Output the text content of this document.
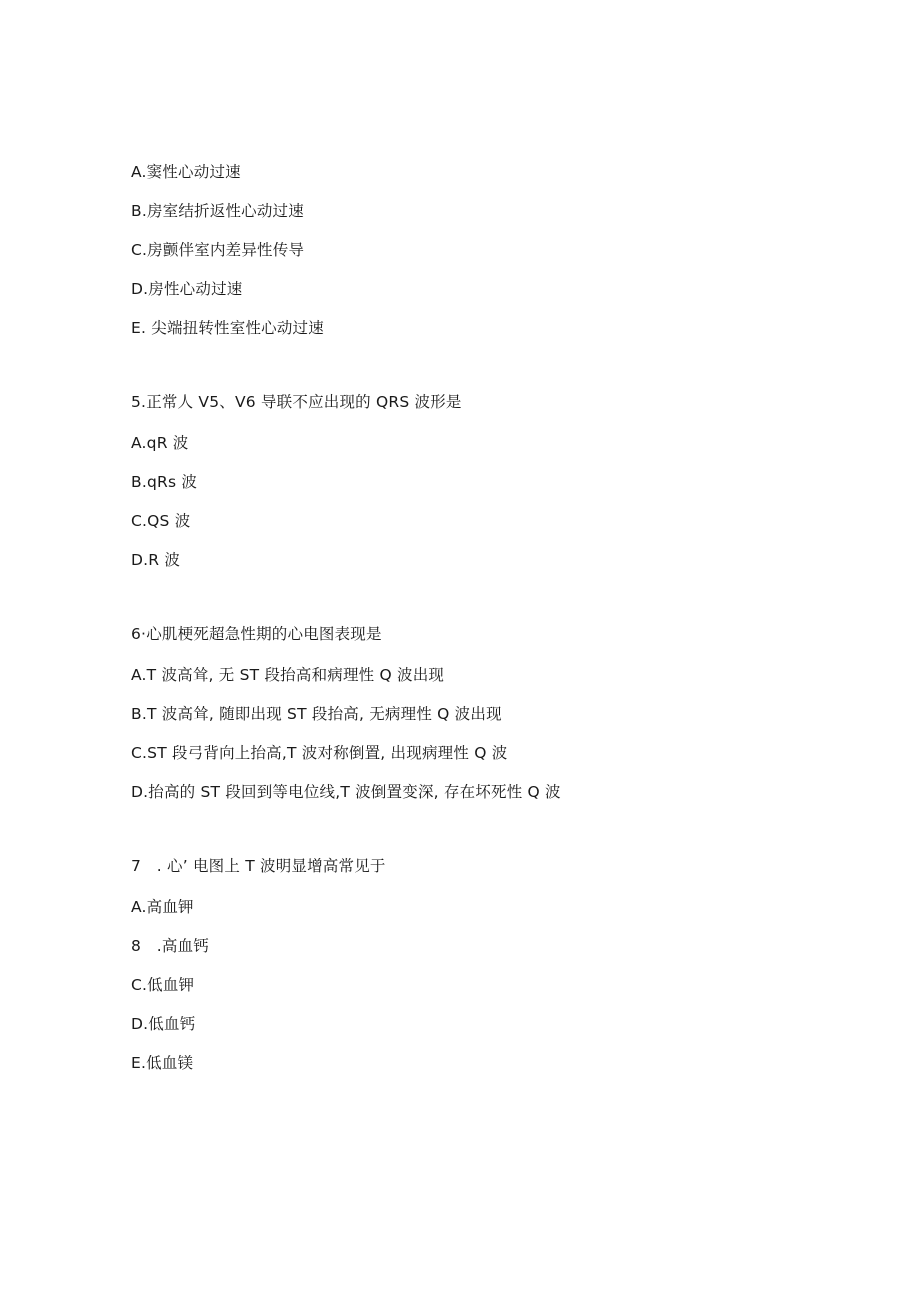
A.窦性心动过速
B.房室结折返性心动过速
C.房颤伴室内差异性传导
D.房性心动过速
E. 尖端扭转性室性心动过速
5.正常人 V5、V6 导联不应出现的 QRS 波形是
A.qR 波
B.qRs 波
C.QS 波
D.R 波
6·心肌梗死超急性期的心电图表现是
A.T 波高耸, 无 ST 段抬高和病理性 Q 波出现
B.T 波高耸, 随即出现 ST 段抬高, 无病理性 Q 波出现
C.ST 段弓背向上抬高,T 波对称倒置, 出现病理性 Q 波
D.抬高的 ST 段回到等电位线,T 波倒置变深, 存在坏死性 Q 波
7　. 心’ 电图上 T 波明显增高常见于
A.高血钾
8　.高血钙
C.低血钾
D.低血钙
E.低血镁
